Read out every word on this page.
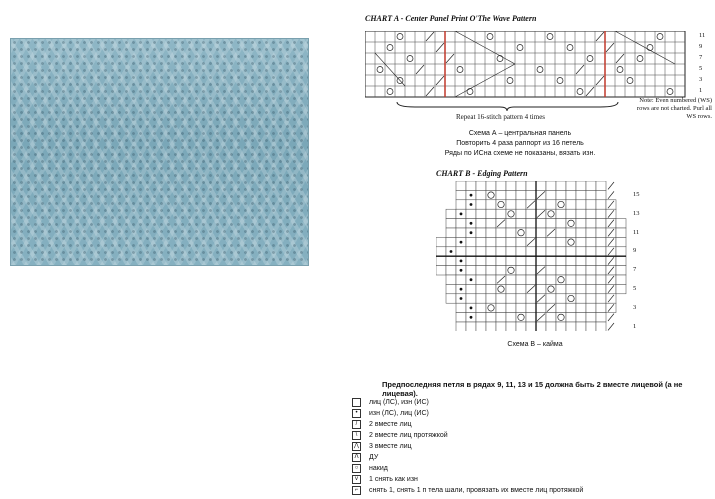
CHART A - Center Panel Print O'The Wave Pattern
11
9
7
5
3
1
Repeat 16-stitch pattern 4 times
Note: Even numbered (WS)
rows are not charted. Purl all
WS rows.
Схема А – центральная панель
Повторить 4 раза раппорт из 16 петель
Ряды по ИСна схеме не показаны, вязать изн.
CHART B - Edging Pattern
15
13
11
9
7
5
3
1
Схема В – кайма
Предпоследняя петля в рядах 9, 11, 13 и 15 должна быть 2 вместе лицевой (а не лицевая).
лиц (ЛС), изн (ИС)
•	изн (ЛС), лиц (ИС)
/	2 вместе лиц
\	2 вместе лиц протяжкой
⋀ 3 вместе лиц
ᐱ	ДУ
○	накид
v	1 снять как изн
⌐	снять 1, снять 1 п тела шали, провязать их вместе лиц протяжкой
